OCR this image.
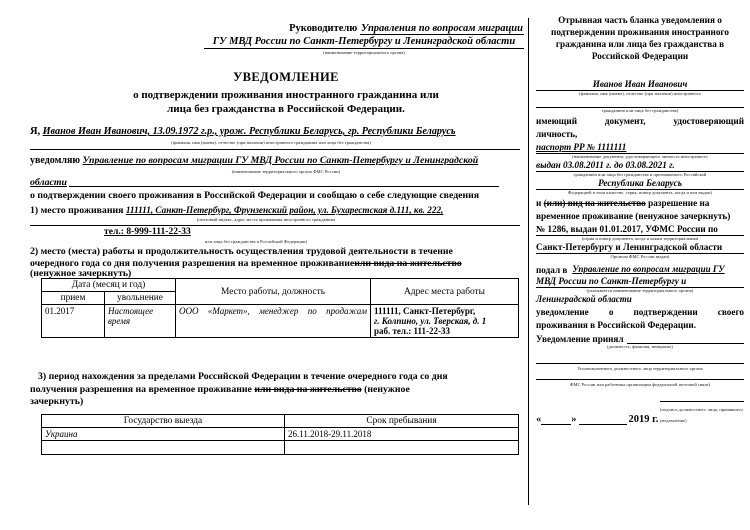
Руководителю Управления по вопросам миграции
ГУ МВД России по Санкт-Петербургу и Ленинградской области
(наименование территориального органа)
УВЕДОМЛЕНИЕ
о подтверждении проживания иностранного гражданина или
лица без гражданства в Российской Федерации.
Я, Иванов Иван Иванович, 13.09.1972 г.р., урож. Республики Беларусь, гр. Республики Беларусь
(фамилия, имя (имена), отчество (при наличии) иностранного гражданина или лица без гражданства)
уведомляю Управление по вопросам миграции ГУ МВД России по Санкт-Петербургу и Ленинградской
(наименование территориального органа ФМС России)
области
о подтверждении своего проживания в Российской Федерации и сообщаю о себе следующие сведения
1) место проживания 111111, Санкт-Петербург, Фрунзенский район, ул. Бухарестская д.111, кв. 222,
(почтовый индекс, адрес места проживания иностранного гражданина
тел.: 8-999-111-22-33
или лица без гражданства в Российской Федерации)
2) место (места) работы и продолжительность осуществления трудовой деятельности в течение
очередного года со дня получения разрешения на временное проживаниеили вида на жительство
(ненужное зачеркнуть)
Дата (месяц и год)		Место работы, должность	Адрес места работы
прием	увольнение		
01.2017	Настоящее время	ООО «Маркет», менеджер по продажам	111111, Санкт-Петербург,
г. Колпино, ул. Тверская, д. 1
раб. тел.: 111-22-33
3) период нахождения за пределами Российской Федерации в течение очередного года со дня
получения разрешения на временное проживание или вида на жительство (ненужное
зачеркнуть)
Государство выезда	Срок пребывания
Украина	26.11.2018-29.11.2018

Отрывная часть бланка уведомления о
подтверждении проживания иностранного
гражданина или лица без гражданства в
Российской Федерации
Иванов Иван Иванович
(фамилия, имя (имена), отчество (при наличии) иностранного
гражданина или лица без гражданства)
имеющий документ, удостоверяющий
личность,
паспорт PP № 1111111
(наименование документа, удостоверяющего личность иностранного
выдан 03.08.2011 г. до 03.08.2021 г.
гражданина или лица без гражданства и признаваемого Российской
Республика Беларусь
Федерацией в этом качестве, серия, номер документа, когда и кем выдан)
и (или) вид на жительство разрешение на
временное проживание (ненужное зачеркнуть)
№ 1286, выдан 01.01.2017, УФМС России по
(серия и номер документа, когда и каким территориальным
Санкт-Петербургу и Ленинградской области
Органом ФМС России выдан)
подал в Управление по вопросам миграции ГУ
МВД России по Санкт-Петербургу и
(указывается наименование территориального органа)
Ленинградской области
уведомление о подтверждении своего
проживания в Российской Федерации.
Уведомление принял
(должность, фамилия, инициалы)
Уполномоченного должностного лица территориального органа
ФМС России или работника организации федеральной почтовой связи)
«	»	2019 г.
(подпись должностного лица, принявшего уведомление)
